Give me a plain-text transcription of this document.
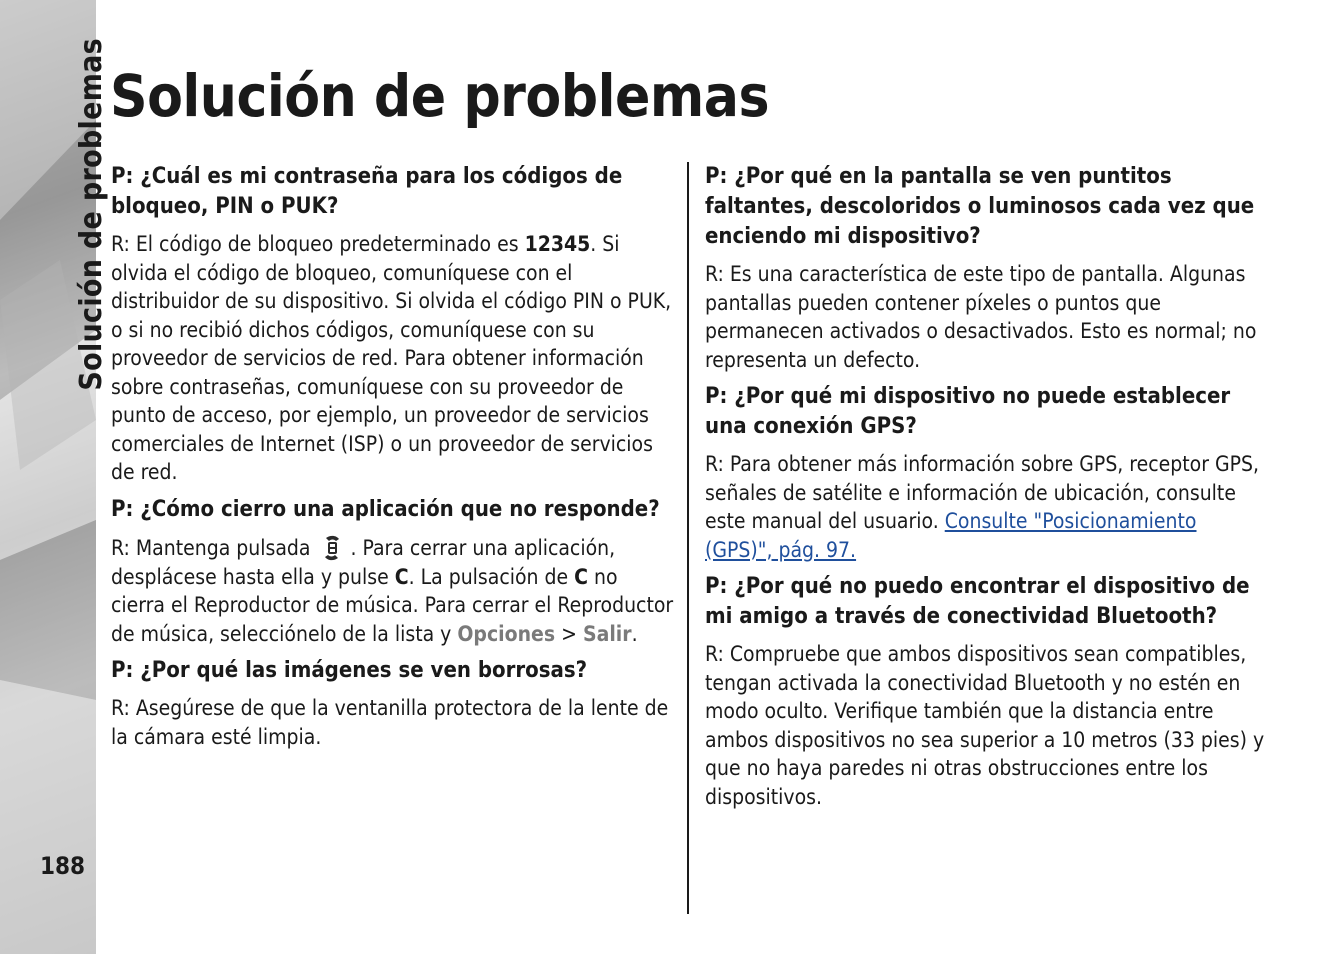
Solución de problemas
188
Solución de problemas

P: ¿Cuál es mi contraseña para los códigos de bloqueo, PIN o PUK?

R: El código de bloqueo predeterminado es 12345. Si olvida el código de bloqueo, comuníquese con el distribuidor de su dispositivo. Si olvida el código PIN o PUK, o si no recibió dichos códigos, comuníquese con su proveedor de servicios de red. Para obtener información sobre contraseñas, comuníquese con su proveedor de punto de acceso, por ejemplo, un proveedor de servicios comerciales de Internet (ISP) o un proveedor de servicios de red.

P: ¿Cómo cierro una aplicación que no responde?

R: Mantenga pulsada . Para cerrar una aplicación, desplácese hasta ella y pulse C. La pulsación de C no cierra el Reproductor de música. Para cerrar el Reproductor de música, selecciónelo de la lista y Opciones > Salir.

P: ¿Por qué las imágenes se ven borrosas?

R: Asegúrese de que la ventanilla protectora de la lente de la cámara esté limpia.

P: ¿Por qué en la pantalla se ven puntitos faltantes, descoloridos o luminosos cada vez que enciendo mi dispositivo?

R: Es una característica de este tipo de pantalla. Algunas pantallas pueden contener píxeles o puntos que permanecen activados o desactivados. Esto es normal; no representa un defecto.

P: ¿Por qué mi dispositivo no puede establecer una conexión GPS?

R: Para obtener más información sobre GPS, receptor GPS, señales de satélite e información de ubicación, consulte este manual del usuario. Consulte "Posicionamiento (GPS)", pág. 97.

P: ¿Por qué no puedo encontrar el dispositivo de mi amigo a través de conectividad Bluetooth?

R: Compruebe que ambos dispositivos sean compatibles, tengan activada la conectividad Bluetooth y no estén en modo oculto. Verifique también que la distancia entre ambos dispositivos no sea superior a 10 metros (33 pies) y que no haya paredes ni otras obstrucciones entre los dispositivos.
